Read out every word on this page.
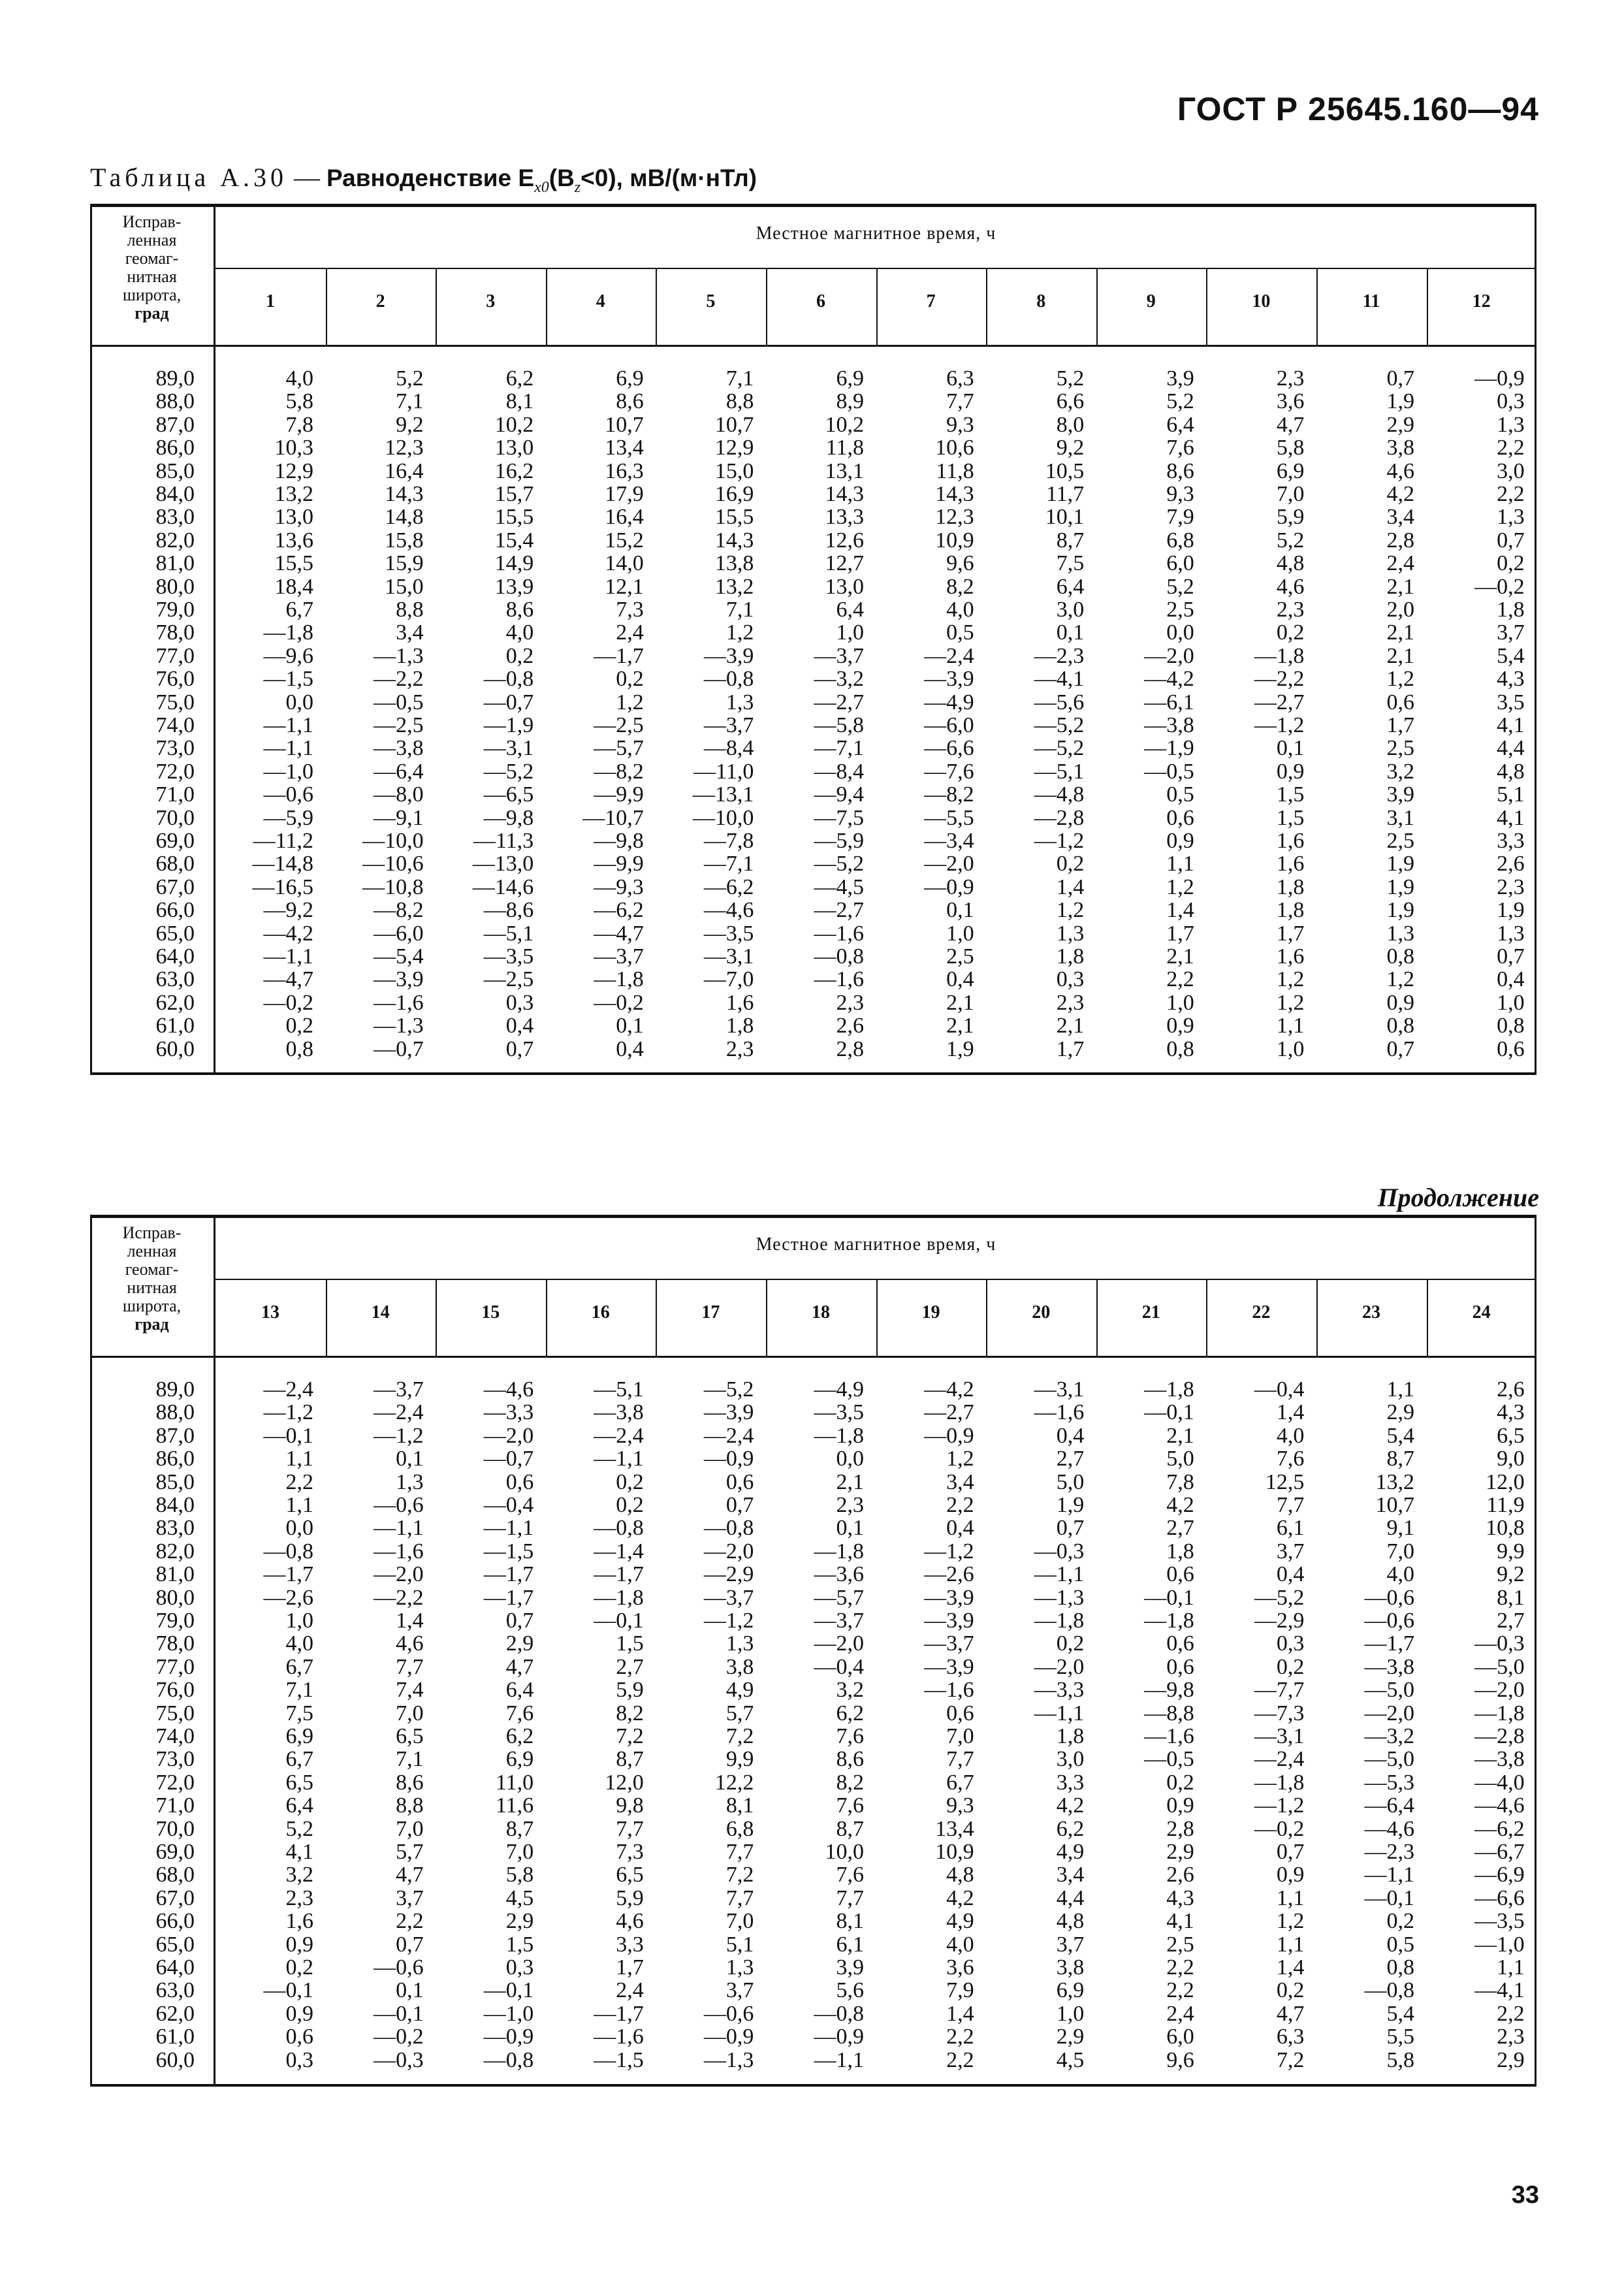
ГОСТ Р 25645.160—94
Таблица А.30 — Равноденствие $E_{x0}(B_z<0)$, мВ/(м·нТл)
Исправ-
ленная
геомаг-
нитная
широта,
град
Местное магнитное время, ч
1	2	3	4	5	6	7	8	9	10	11	12
89,0	4,0	5,2	6,2	6,9	7,1	6,9	6,3	5,2	3,9	2,3	0,7	—0,9
88,0	5,8	7,1	8,1	8,6	8,8	8,9	7,7	6,6	5,2	3,6	1,9	0,3
87,0	7,8	9,2	10,2	10,7	10,7	10,2	9,3	8,0	6,4	4,7	2,9	1,3
86,0	10,3	12,3	13,0	13,4	12,9	11,8	10,6	9,2	7,6	5,8	3,8	2,2
85,0	12,9	16,4	16,2	16,3	15,0	13,1	11,8	10,5	8,6	6,9	4,6	3,0
84,0	13,2	14,3	15,7	17,9	16,9	14,3	14,3	11,7	9,3	7,0	4,2	2,2
83,0	13,0	14,8	15,5	16,4	15,5	13,3	12,3	10,1	7,9	5,9	3,4	1,3
82,0	13,6	15,8	15,4	15,2	14,3	12,6	10,9	8,7	6,8	5,2	2,8	0,7
81,0	15,5	15,9	14,9	14,0	13,8	12,7	9,6	7,5	6,0	4,8	2,4	0,2
80,0	18,4	15,0	13,9	12,1	13,2	13,0	8,2	6,4	5,2	4,6	2,1	—0,2
79,0	6,7	8,8	8,6	7,3	7,1	6,4	4,0	3,0	2,5	2,3	2,0	1,8
78,0	—1,8	3,4	4,0	2,4	1,2	1,0	0,5	0,1	0,0	0,2	2,1	3,7
77,0	—9,6	—1,3	0,2	—1,7	—3,9	—3,7	—2,4	—2,3	—2,0	—1,8	2,1	5,4
76,0	—1,5	—2,2	—0,8	0,2	—0,8	—3,2	—3,9	—4,1	—4,2	—2,2	1,2	4,3
75,0	0,0	—0,5	—0,7	1,2	1,3	—2,7	—4,9	—5,6	—6,1	—2,7	0,6	3,5
74,0	—1,1	—2,5	—1,9	—2,5	—3,7	—5,8	—6,0	—5,2	—3,8	—1,2	1,7	4,1
73,0	—1,1	—3,8	—3,1	—5,7	—8,4	—7,1	—6,6	—5,2	—1,9	0,1	2,5	4,4
72,0	—1,0	—6,4	—5,2	—8,2	—11,0	—8,4	—7,6	—5,1	—0,5	0,9	3,2	4,8
71,0	—0,6	—8,0	—6,5	—9,9	—13,1	—9,4	—8,2	—4,8	0,5	1,5	3,9	5,1
70,0	—5,9	—9,1	—9,8	—10,7	—10,0	—7,5	—5,5	—2,8	0,6	1,5	3,1	4,1
69,0	—11,2	—10,0	—11,3	—9,8	—7,8	—5,9	—3,4	—1,2	0,9	1,6	2,5	3,3
68,0	—14,8	—10,6	—13,0	—9,9	—7,1	—5,2	—2,0	0,2	1,1	1,6	1,9	2,6
67,0	—16,5	—10,8	—14,6	—9,3	—6,2	—4,5	—0,9	1,4	1,2	1,8	1,9	2,3
66,0	—9,2	—8,2	—8,6	—6,2	—4,6	—2,7	0,1	1,2	1,4	1,8	1,9	1,9
65,0	—4,2	—6,0	—5,1	—4,7	—3,5	—1,6	1,0	1,3	1,7	1,7	1,3	1,3
64,0	—1,1	—5,4	—3,5	—3,7	—3,1	—0,8	2,5	1,8	2,1	1,6	0,8	0,7
63,0	—4,7	—3,9	—2,5	—1,8	—7,0	—1,6	0,4	0,3	2,2	1,2	1,2	0,4
62,0	—0,2	—1,6	0,3	—0,2	1,6	2,3	2,1	2,3	1,0	1,2	0,9	1,0
61,0	0,2	—1,3	0,4	0,1	1,8	2,6	2,1	2,1	0,9	1,1	0,8	0,8
60,0	0,8	—0,7	0,7	0,4	2,3	2,8	1,9	1,7	0,8	1,0	0,7	0,6
Продолжение
Исправ-
ленная
геомаг-
нитная
широта,
град
Местное магнитное время, ч
13	14	15	16	17	18	19	20	21	22	23	24
89,0	—2,4	—3,7	—4,6	—5,1	—5,2	—4,9	—4,2	—3,1	—1,8	—0,4	1,1	2,6
88,0	—1,2	—2,4	—3,3	—3,8	—3,9	—3,5	—2,7	—1,6	—0,1	1,4	2,9	4,3
87,0	—0,1	—1,2	—2,0	—2,4	—2,4	—1,8	—0,9	0,4	2,1	4,0	5,4	6,5
86,0	1,1	0,1	—0,7	—1,1	—0,9	0,0	1,2	2,7	5,0	7,6	8,7	9,0
85,0	2,2	1,3	0,6	0,2	0,6	2,1	3,4	5,0	7,8	12,5	13,2	12,0
84,0	1,1	—0,6	—0,4	0,2	0,7	2,3	2,2	1,9	4,2	7,7	10,7	11,9
83,0	0,0	—1,1	—1,1	—0,8	—0,8	0,1	0,4	0,7	2,7	6,1	9,1	10,8
82,0	—0,8	—1,6	—1,5	—1,4	—2,0	—1,8	—1,2	—0,3	1,8	3,7	7,0	9,9
81,0	—1,7	—2,0	—1,7	—1,7	—2,9	—3,6	—2,6	—1,1	0,6	0,4	4,0	9,2
80,0	—2,6	—2,2	—1,7	—1,8	—3,7	—5,7	—3,9	—1,3	—0,1	—5,2	—0,6	8,1
79,0	1,0	1,4	0,7	—0,1	—1,2	—3,7	—3,9	—1,8	—1,8	—2,9	—0,6	2,7
78,0	4,0	4,6	2,9	1,5	1,3	—2,0	—3,7	0,2	0,6	0,3	—1,7	—0,3
77,0	6,7	7,7	4,7	2,7	3,8	—0,4	—3,9	—2,0	0,6	0,2	—3,8	—5,0
76,0	7,1	7,4	6,4	5,9	4,9	3,2	—1,6	—3,3	—9,8	—7,7	—5,0	—2,0
75,0	7,5	7,0	7,6	8,2	5,7	6,2	0,6	—1,1	—8,8	—7,3	—2,0	—1,8
74,0	6,9	6,5	6,2	7,2	7,2	7,6	7,0	1,8	—1,6	—3,1	—3,2	—2,8
73,0	6,7	7,1	6,9	8,7	9,9	8,6	7,7	3,0	—0,5	—2,4	—5,0	—3,8
72,0	6,5	8,6	11,0	12,0	12,2	8,2	6,7	3,3	0,2	—1,8	—5,3	—4,0
71,0	6,4	8,8	11,6	9,8	8,1	7,6	9,3	4,2	0,9	—1,2	—6,4	—4,6
70,0	5,2	7,0	8,7	7,7	6,8	8,7	13,4	6,2	2,8	—0,2	—4,6	—6,2
69,0	4,1	5,7	7,0	7,3	7,7	10,0	10,9	4,9	2,9	0,7	—2,3	—6,7
68,0	3,2	4,7	5,8	6,5	7,2	7,6	4,8	3,4	2,6	0,9	—1,1	—6,9
67,0	2,3	3,7	4,5	5,9	7,7	7,7	4,2	4,4	4,3	1,1	—0,1	—6,6
66,0	1,6	2,2	2,9	4,6	7,0	8,1	4,9	4,8	4,1	1,2	0,2	—3,5
65,0	0,9	0,7	1,5	3,3	5,1	6,1	4,0	3,7	2,5	1,1	0,5	—1,0
64,0	0,2	—0,6	0,3	1,7	1,3	3,9	3,6	3,8	2,2	1,4	0,8	1,1
63,0	—0,1	0,1	—0,1	2,4	3,7	5,6	7,9	6,9	2,2	0,2	—0,8	—4,1
62,0	0,9	—0,1	—1,0	—1,7	—0,6	—0,8	1,4	1,0	2,4	4,7	5,4	2,2
61,0	0,6	—0,2	—0,9	—1,6	—0,9	—0,9	2,2	2,9	6,0	6,3	5,5	2,3
60,0	0,3	—0,3	—0,8	—1,5	—1,3	—1,1	2,2	4,5	9,6	7,2	5,8	2,9
33
